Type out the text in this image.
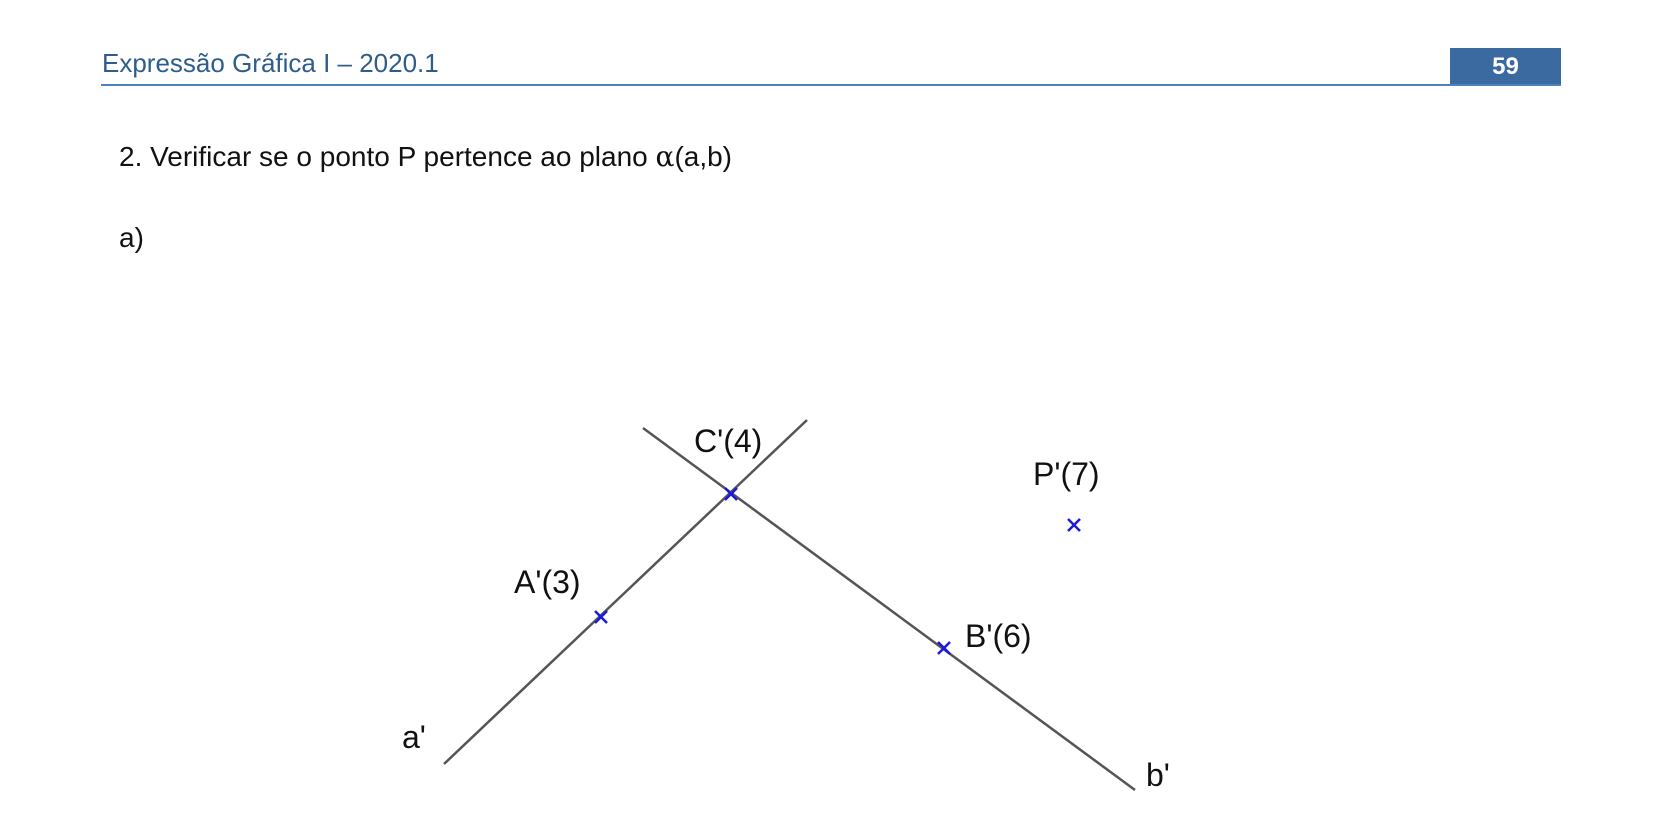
Expressão Gráfica I – 2020.1	59
2. Verificar se o ponto P pertence ao plano α(a,b)
a)
C'(4)
P'(7)
A'(3)
B'(6)
a'
b'
